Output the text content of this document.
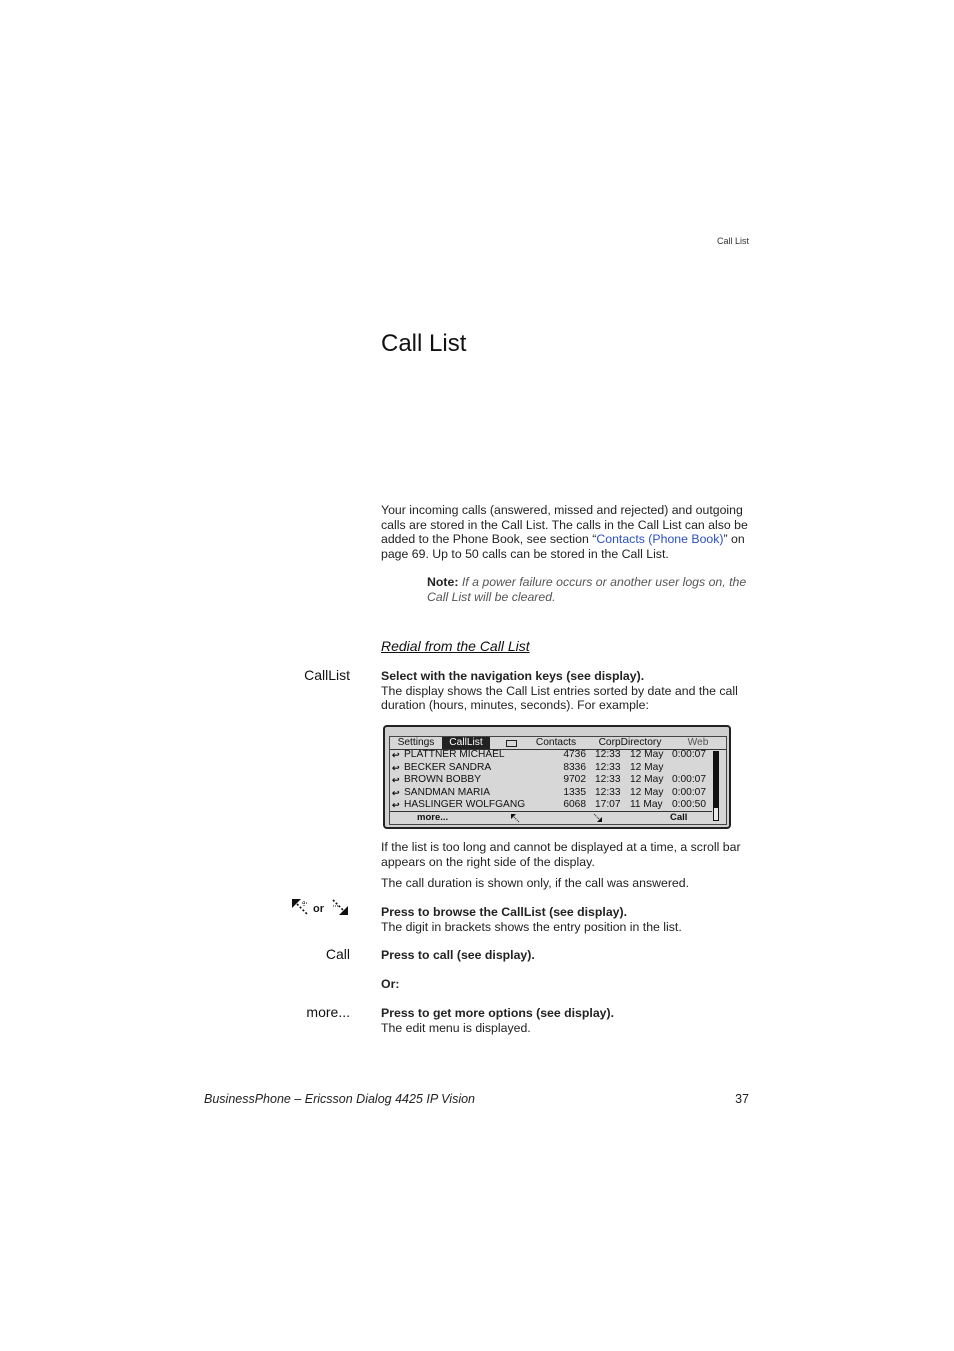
Call List
Call List

Your incoming calls (answered, missed and rejected) and outgoing calls are stored in the Call List. The calls in the Call List can also be added to the Phone Book, see section “Contacts (Phone Book)” on page 69. Up to 50 calls can be stored in the Call List.

Note: If a power failure occurs or another user logs on, the Call List will be cleared.

Redial from the Call List
CallList	Select with the navigation keys (see display).
The display shows the Call List entries sorted by date and the call duration (hours, minutes, seconds). For example:
Settings	CallList	Contacts	CorpDirectory	Web
↩ PLATTNER MICHAEL	4736 12:33 12 May 0:00:07
↩ BECKER SANDRA	8336 12:33 12 May
↩ BROWN BOBBY	9702 12:33 12 May 0:00:07
↩ SANDMAN MARIA	1335 12:33 12 May 0:00:07
↩ HASLINGER WOLFGANG	6068 17:07 11 May 0:00:50
more...	Call
If the list is too long and cannot be displayed at a time, a scroll bar appears on the right side of the display.
The call duration is shown only, if the call was answered.
or	Press to browse the CallList (see display).
The digit in brackets shows the entry position in the list.
Call	Press to call (see display).
Or:
more...	Press to get more options (see display).
The edit menu is displayed.
BusinessPhone – Ericsson Dialog 4425 IP Vision	37
